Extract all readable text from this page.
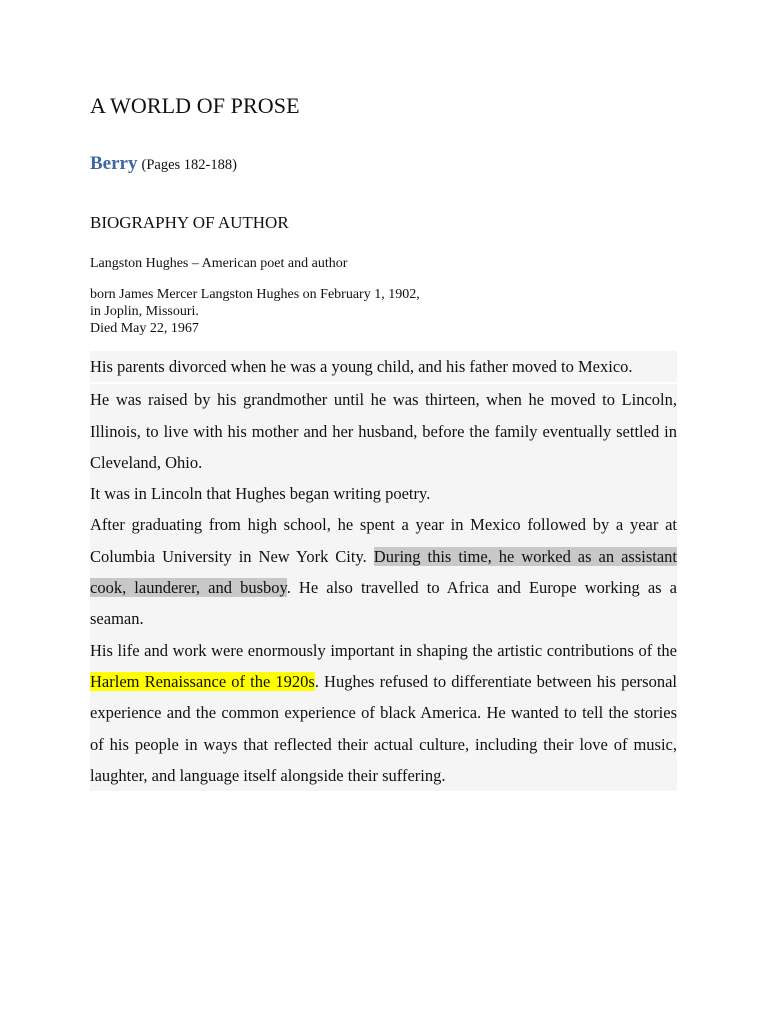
A WORLD OF PROSE

Berry (Pages 182-188)

BIOGRAPHY OF AUTHOR

Langston Hughes – American poet and author

born James Mercer Langston Hughes on February 1, 1902,
in Joplin, Missouri.
Died May 22, 1967

His parents divorced when he was a young child, and his father moved to Mexico.

He was raised by his grandmother until he was thirteen, when he moved to Lincoln, Illinois, to live with his mother and her husband, before the family eventually settled in Cleveland, Ohio.

It was in Lincoln that Hughes began writing poetry.

After graduating from high school, he spent a year in Mexico followed by a year at Columbia University in New York City. During this time, he worked as an assistant cook, launderer, and busboy. He also travelled to Africa and Europe working as a seaman.

His life and work were enormously important in shaping the artistic contributions of the Harlem Renaissance of the 1920s. Hughes refused to differentiate between his personal experience and the common experience of black America. He wanted to tell the stories of his people in ways that reflected their actual culture, including their love of music, laughter, and language itself alongside their suffering.
